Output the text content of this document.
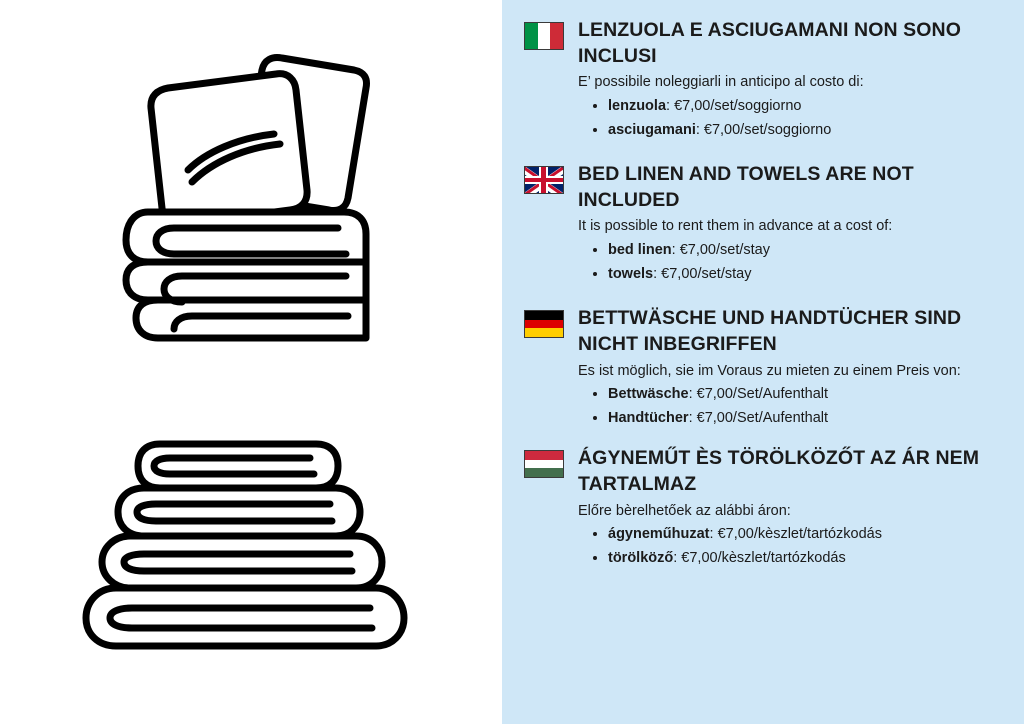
LENZUOLA E ASCIUGAMANI NON SONO INCLUSI

E’ possibile noleggiarli in anticipo al costo di:

• lenzuola: €7,00/set/soggiorno
• asciugamani: €7,00/set/soggiorno

BED LINEN AND TOWELS ARE NOT INCLUDED

It is possible to rent them in advance at a cost of:

• bed linen: €7,00/set/stay
• towels: €7,00/set/stay

BETTWÄSCHE UND HANDTÜCHER SIND NICHT INBEGRIFFEN

Es ist möglich, sie im Voraus zu mieten zu einem Preis von:

• Bettwäsche: €7,00/Set/Aufenthalt
• Handtücher: €7,00/Set/Aufenthalt

ÁGYNEMŰT ÈS TÖRÖLKÖZŐT AZ ÁR NEM TARTALMAZ

Előre bèrelhetőek az alábbi áron:

• ágyneműhuzat: €7,00/kèszlet/tartózkodás
• törölköző: €7,00/kèszlet/tartózkodás
